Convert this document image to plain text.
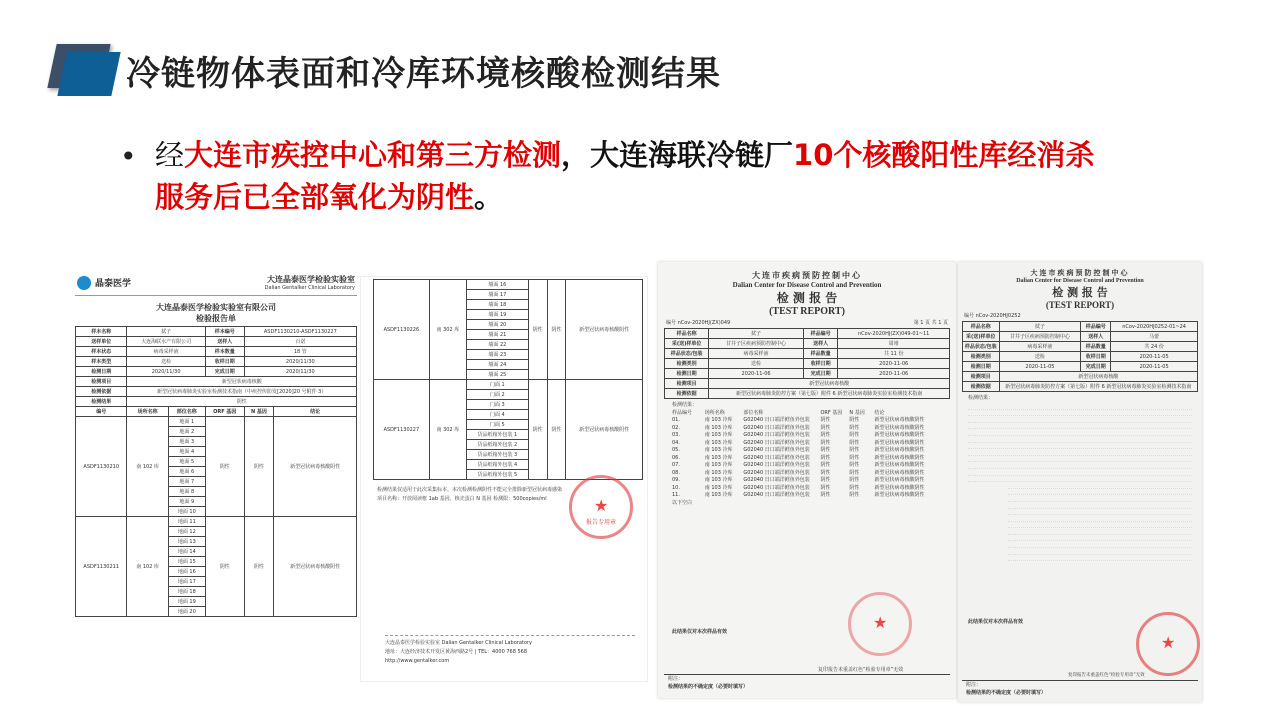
冷链物体表面和冷库环境核酸检测结果
• 经大连市疾控中心和第三方检测，大连海联冷链厂10个核酸阳性库经消杀服务后已全部氧化为阴性。
晶泰医学	大连晶泰医学检验实验室
Dalian Gentalker Clinical Laboratory
大连晶泰医学检验实验室有限公司
检验报告单
样本名称	拭子		样本编号	ASDF1130210-ASDF1130227	
送样单位	大连海联水产有限公司		送样人	百诺	
样本状态	病毒采样液		样本数量	18 管	
样本类型	送检		收样日期	2020/11/30	
检测日期	2020/11/30		完成日期	2020/11/30	
检测项目	新型冠状病毒核酸				
检测依据	新型冠状病毒肺炎实验室检测技术指南（中疾控传防发[2020]20 号附件 3）				
检测结果	阴性				
编号	场所名称	部位名称	ORF 基因	N 基因	结论
ASDF1130210	南 102 库	地面 1	阴性	阴性	新型冠状病毒核酸阴性
		地面 2			
		地面 3			
		地面 4			
		地面 5			
		地面 6			
		地面 7			
		地面 8			
		地面 9			
		地面 10			
ASDF1130211	南 102 库	地面 11	阴性	阴性	新型冠状病毒核酸阴性
		地面 12			
		地面 13			
		地面 14			
		地面 15			
		地面 16			
		地面 17			
		地面 18			
		地面 19			
		地面 20			
ASDF1130226	南 302 库	墙面 16	阴性	阴性	新型冠状病毒核酸阴性
		墙面 17			
		墙面 18			
		墙面 19			
		墙面 20			
		墙面 21			
		墙面 22			
		墙面 23			
		墙面 24			
		墙面 25			
ASDF1130227	南 302 库	门面 1	阴性	阴性	新型冠状病毒核酸阴性
		门面 2			
		门面 3			
		门面 4			
		门面 5			
		货品纸箱外包装 1			
		货品纸箱外包装 2			
		货品纸箱外包装 3			
		货品纸箱外包装 4			
		货品纸箱外包装 5			
检测结果仅适用于此次采集标本。本次检测检测阴性不能完全排除新型冠状病毒感染
项目名称：开放阅读框 1ab 基因、核壳蛋白 N 基因 检测限：500copies/ml
★ 报告专用章
大连晶泰医学检验实验室 Dalian Gentalker Clinical Laboratory
地址：大连经济技术开发区黄海西路2号 | TEL：4000 768 568
http://www.gentalker.com
大连市疾病预防控制中心
Dalian Center for Disease Control and Prevention
检 测 报 告
(TEST REPORT)
编号 nCov-2020HJ(ZX)049	第 1 页 共 1 页
样品名称	拭子	样品编号	nCov-2020HJ(ZX)049-01~11
采(送)样单位	甘井子区疾病预防控制中心	送样人	周靖
样品状态/包装	病毒采样液	样品数量	共 11 份
检测类别	送检	收样日期	2020-11-06
检测日期	2020-11-06	完成日期	2020-11-06
检测项目	新型冠状病毒核酸		
检测依据	新型冠状病毒肺炎防控方案（第七版）附件 6 新型冠状病毒肺炎实验室检测技术指南		
检测结果：
样品编号	场所名称	部位名称	ORF 基因	N 基因	结论
01.	南 103 冷库	G02040 日口端洋鳕鱼外包装	阴性	阴性	新型冠状病毒核酸阴性
02.	南 103 冷库	G02040 日口端洋鳕鱼外包装	阴性	阴性	新型冠状病毒核酸阴性
03.	南 103 冷库	G02040 日口端洋鳕鱼外包装	阴性	阴性	新型冠状病毒核酸阴性
04.	南 103 冷库	G02040 日口端洋鳕鱼外包装	阴性	阴性	新型冠状病毒核酸阴性
05.	南 103 冷库	G02040 日口端洋鳕鱼外包装	阴性	阴性	新型冠状病毒核酸阴性
06.	南 103 冷库	G02040 日口端洋鳕鱼外包装	阴性	阴性	新型冠状病毒核酸阴性
07.	南 103 冷库	G02040 日口端洋鳕鱼外包装	阴性	阴性	新型冠状病毒核酸阴性
08.	南 103 冷库	G02040 日口端洋鳕鱼外包装	阴性	阴性	新型冠状病毒核酸阴性
09.	南 103 冷库	G02040 日口端洋鳕鱼外包装	阴性	阴性	新型冠状病毒核酸阴性
10.	南 103 冷库	G02040 日口端洋鳕鱼外包装	阴性	阴性	新型冠状病毒核酸阴性
11.	南 103 冷库	G02040 日口端洋鳕鱼外包装	阴性	阴性	新型冠状病毒核酸阴性
以下空白
★
此结果仅对本次样品有效
复印报告未重盖红色“检验专用章”无效
附注：
检测结果的不确定度（必要时填写）
大连市疾病预防控制中心
Dalian Center for Disease Control and Prevention
检 测 报 告
(TEST REPORT)
编号 nCov-2020HJ0252
样品名称	拭子	样品编号	nCov-2020HJ0252-01~24
采(送)样单位	甘井子区疾病预防控制中心	送样人	马蕾
样品状态/包装	病毒采样液	样品数量	共 24 份
检测类别	送检	收样日期	2020-11-05
检测日期	2020-11-05	完成日期	2020-11-05
检测项目	新型冠状病毒核酸		
检测依据	新型冠状病毒肺炎防控方案（第七版）附件 6 新型冠状病毒肺炎实验室检测技术指南		
检测结果：
★
此结果仅对本次样品有效
复印报告未重盖红色“检验专用章”无效
附注：
检测结果的不确定度（必要时填写）
